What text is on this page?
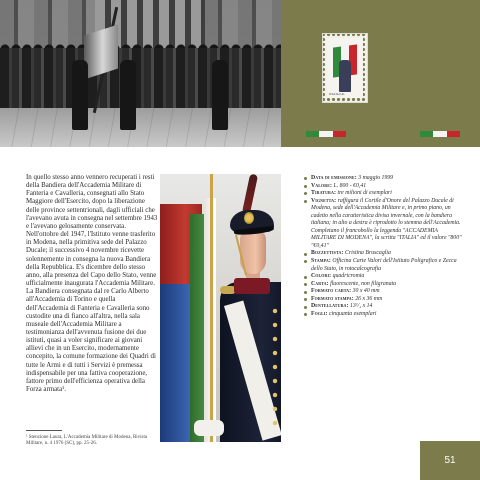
ITALIA 0,41

In quello stesso anno vennero recuperati i resti della Bandiera dell'Accademia Militare di Fanteria e Cavalleria, consegnati allo Stato Maggiore dell'Esercito, dopo la liberazione delle province settentrionali, dagli ufficiali che l'avevano avuta in consegna nel settembre 1943 e l'avevano gelosamente conservata.

Nell'ottobre del 1947, l'Istituto venne trasferito in Modena, nella primitiva sede del Palazzo Ducale; il successivo 4 novembre ricevette solennemente in consegna la nuova Bandiera della Repubblica. E's dicembre dello stesso anno, alla presenza del Capo dello Stato, venne ufficialmente inaugurata l'Accademia Militare.

La Bandiera consegnata dal re Carlo Alberto all'Accademia di Torino e quella dell'Accademia di Fanteria e Cavalleria sono custodite una di fianco all'altra, nella sala museale dell'Accademia Militare a testimonianza dell'avvenuta fusione dei due istituti, quasi a voler significare ai giovani allievi che in un Esercito, modernamente concepito, la comune formazione dei Quadri di tutte le Armi e di tutti i Servizi è premessa indispensabile per una fattiva cooperazione, fattore primo dell'efficienza operativa della Forza armata¹.

¹ Stenzione Laura, L'Accademia Militare di Modena, Rivista Militare, n. 4 1976 (SC), pp. 25-26.
Data di emissione: 3 maggio 1999
Valore: L. 800 - €0,41
Tiratura: tre milioni di esemplari
Vignetta: raffigura il Cortile d'Onore del Palazzo Ducale di Modena, sede dell'Accademia Militare e, in primo piano, un cadetto nella caratteristica divisa invernale, con la bandiera italiana; in alto a destra è riprodotto lo stemma dell'Accademia. Completano il francobollo la leggenda "ACCADEMIA MILITARE DI MODENA", la scritta "ITALIA" ed il valore "800" "€0,41"
Bozzettista: Cristina Bruscaglia
Stampa: Officina Carte Valori dell'Istituto Poligrafico e Zecca dello Stato, in rotocalcografia
Colori: quadricromia
Carta: fluorescente, non filigranata
Formato carta: 30 x 40 mm
Formato stampa: 26 x 36 mm
Dentellatura: 13¹/₄ x 14
Fogli: cinquanta esemplari
51
